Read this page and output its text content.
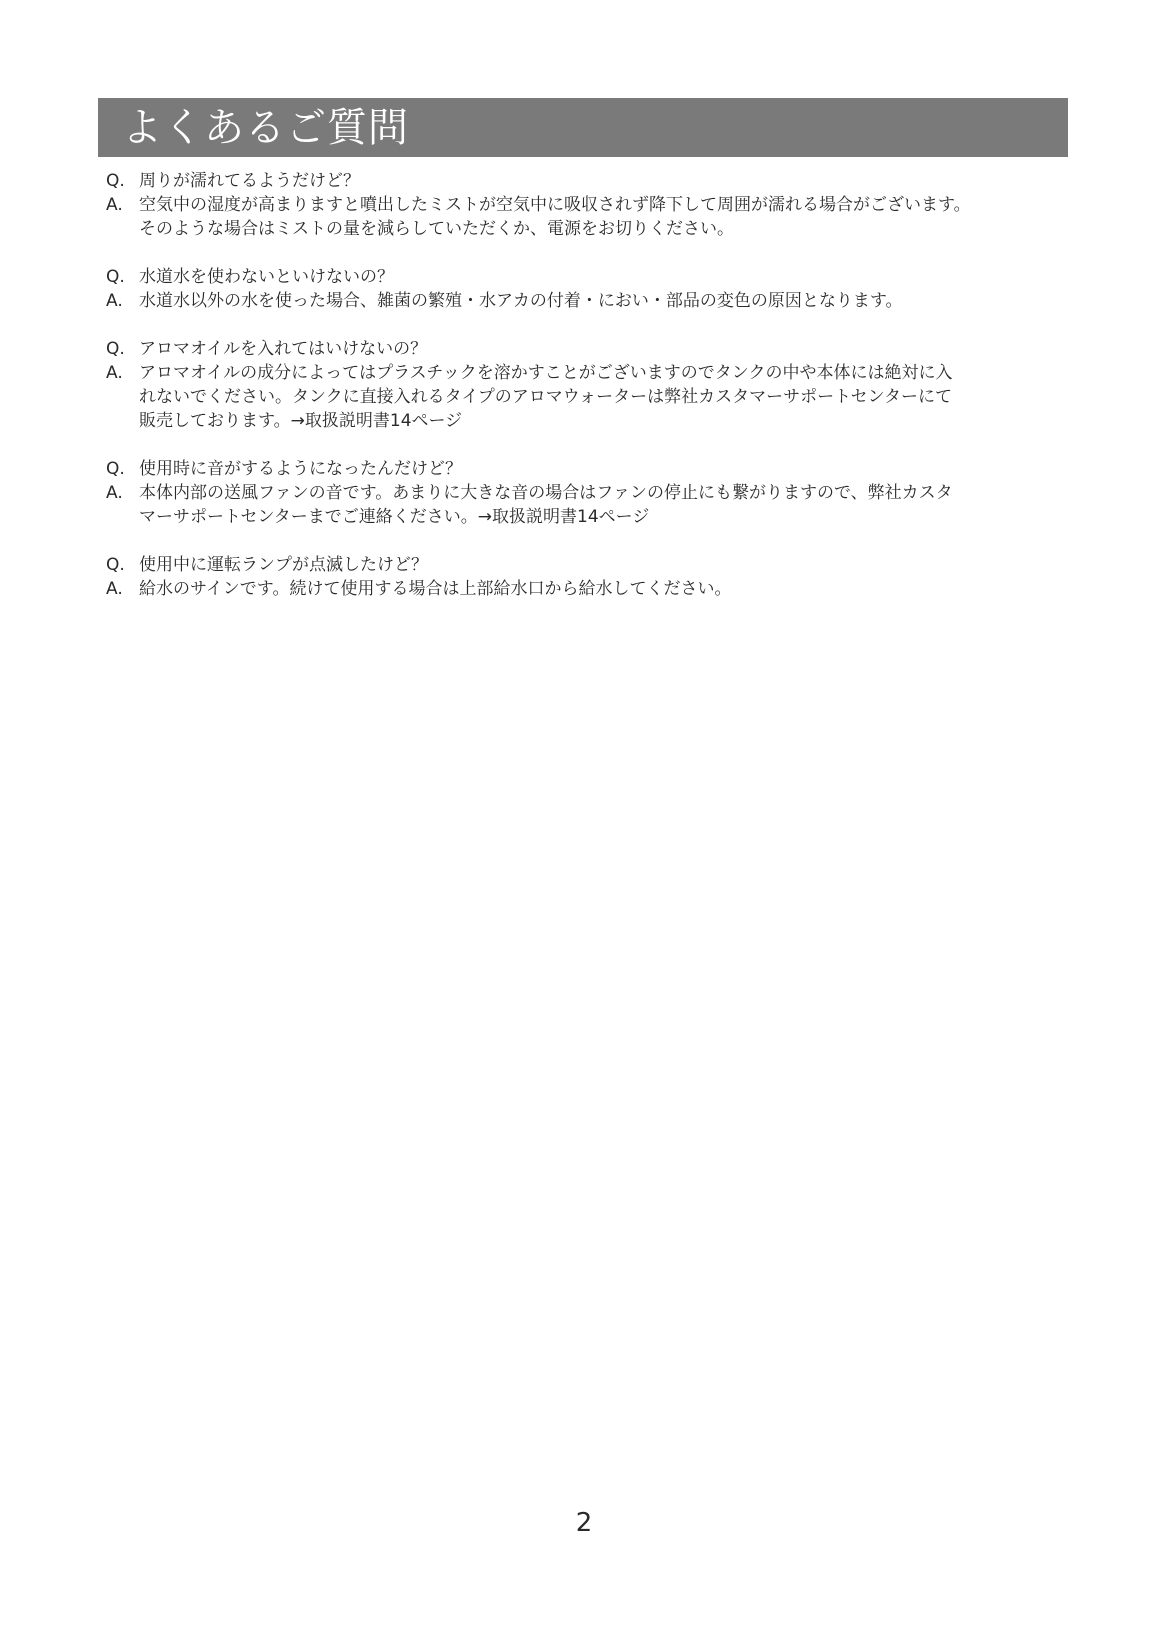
よくあるご質問
Q. 周りが濡れてるようだけど？
A. 空気中の湿度が高まりますと噴出したミストが空気中に吸収されず降下して周囲が濡れる場合がございます。
そのような場合はミストの量を減らしていただくか、電源をお切りください。
Q. 水道水を使わないといけないの？
A. 水道水以外の水を使った場合、雑菌の繁殖・水アカの付着・におい・部品の変色の原因となります。
Q. アロマオイルを入れてはいけないの？
A. アロマオイルの成分によってはプラスチックを溶かすことがございますのでタンクの中や本体には絶対に入
れないでください。タンクに直接入れるタイプのアロマウォーターは弊社カスタマーサポートセンターにて
販売しております。→取扱説明書14ページ
Q. 使用時に音がするようになったんだけど？
A. 本体内部の送風ファンの音です。あまりに大きな音の場合はファンの停止にも繋がりますので、弊社カスタ
マーサポートセンターまでご連絡ください。→取扱説明書14ページ
Q. 使用中に運転ランプが点滅したけど？
A. 給水のサインです。続けて使用する場合は上部給水口から給水してください。
2
